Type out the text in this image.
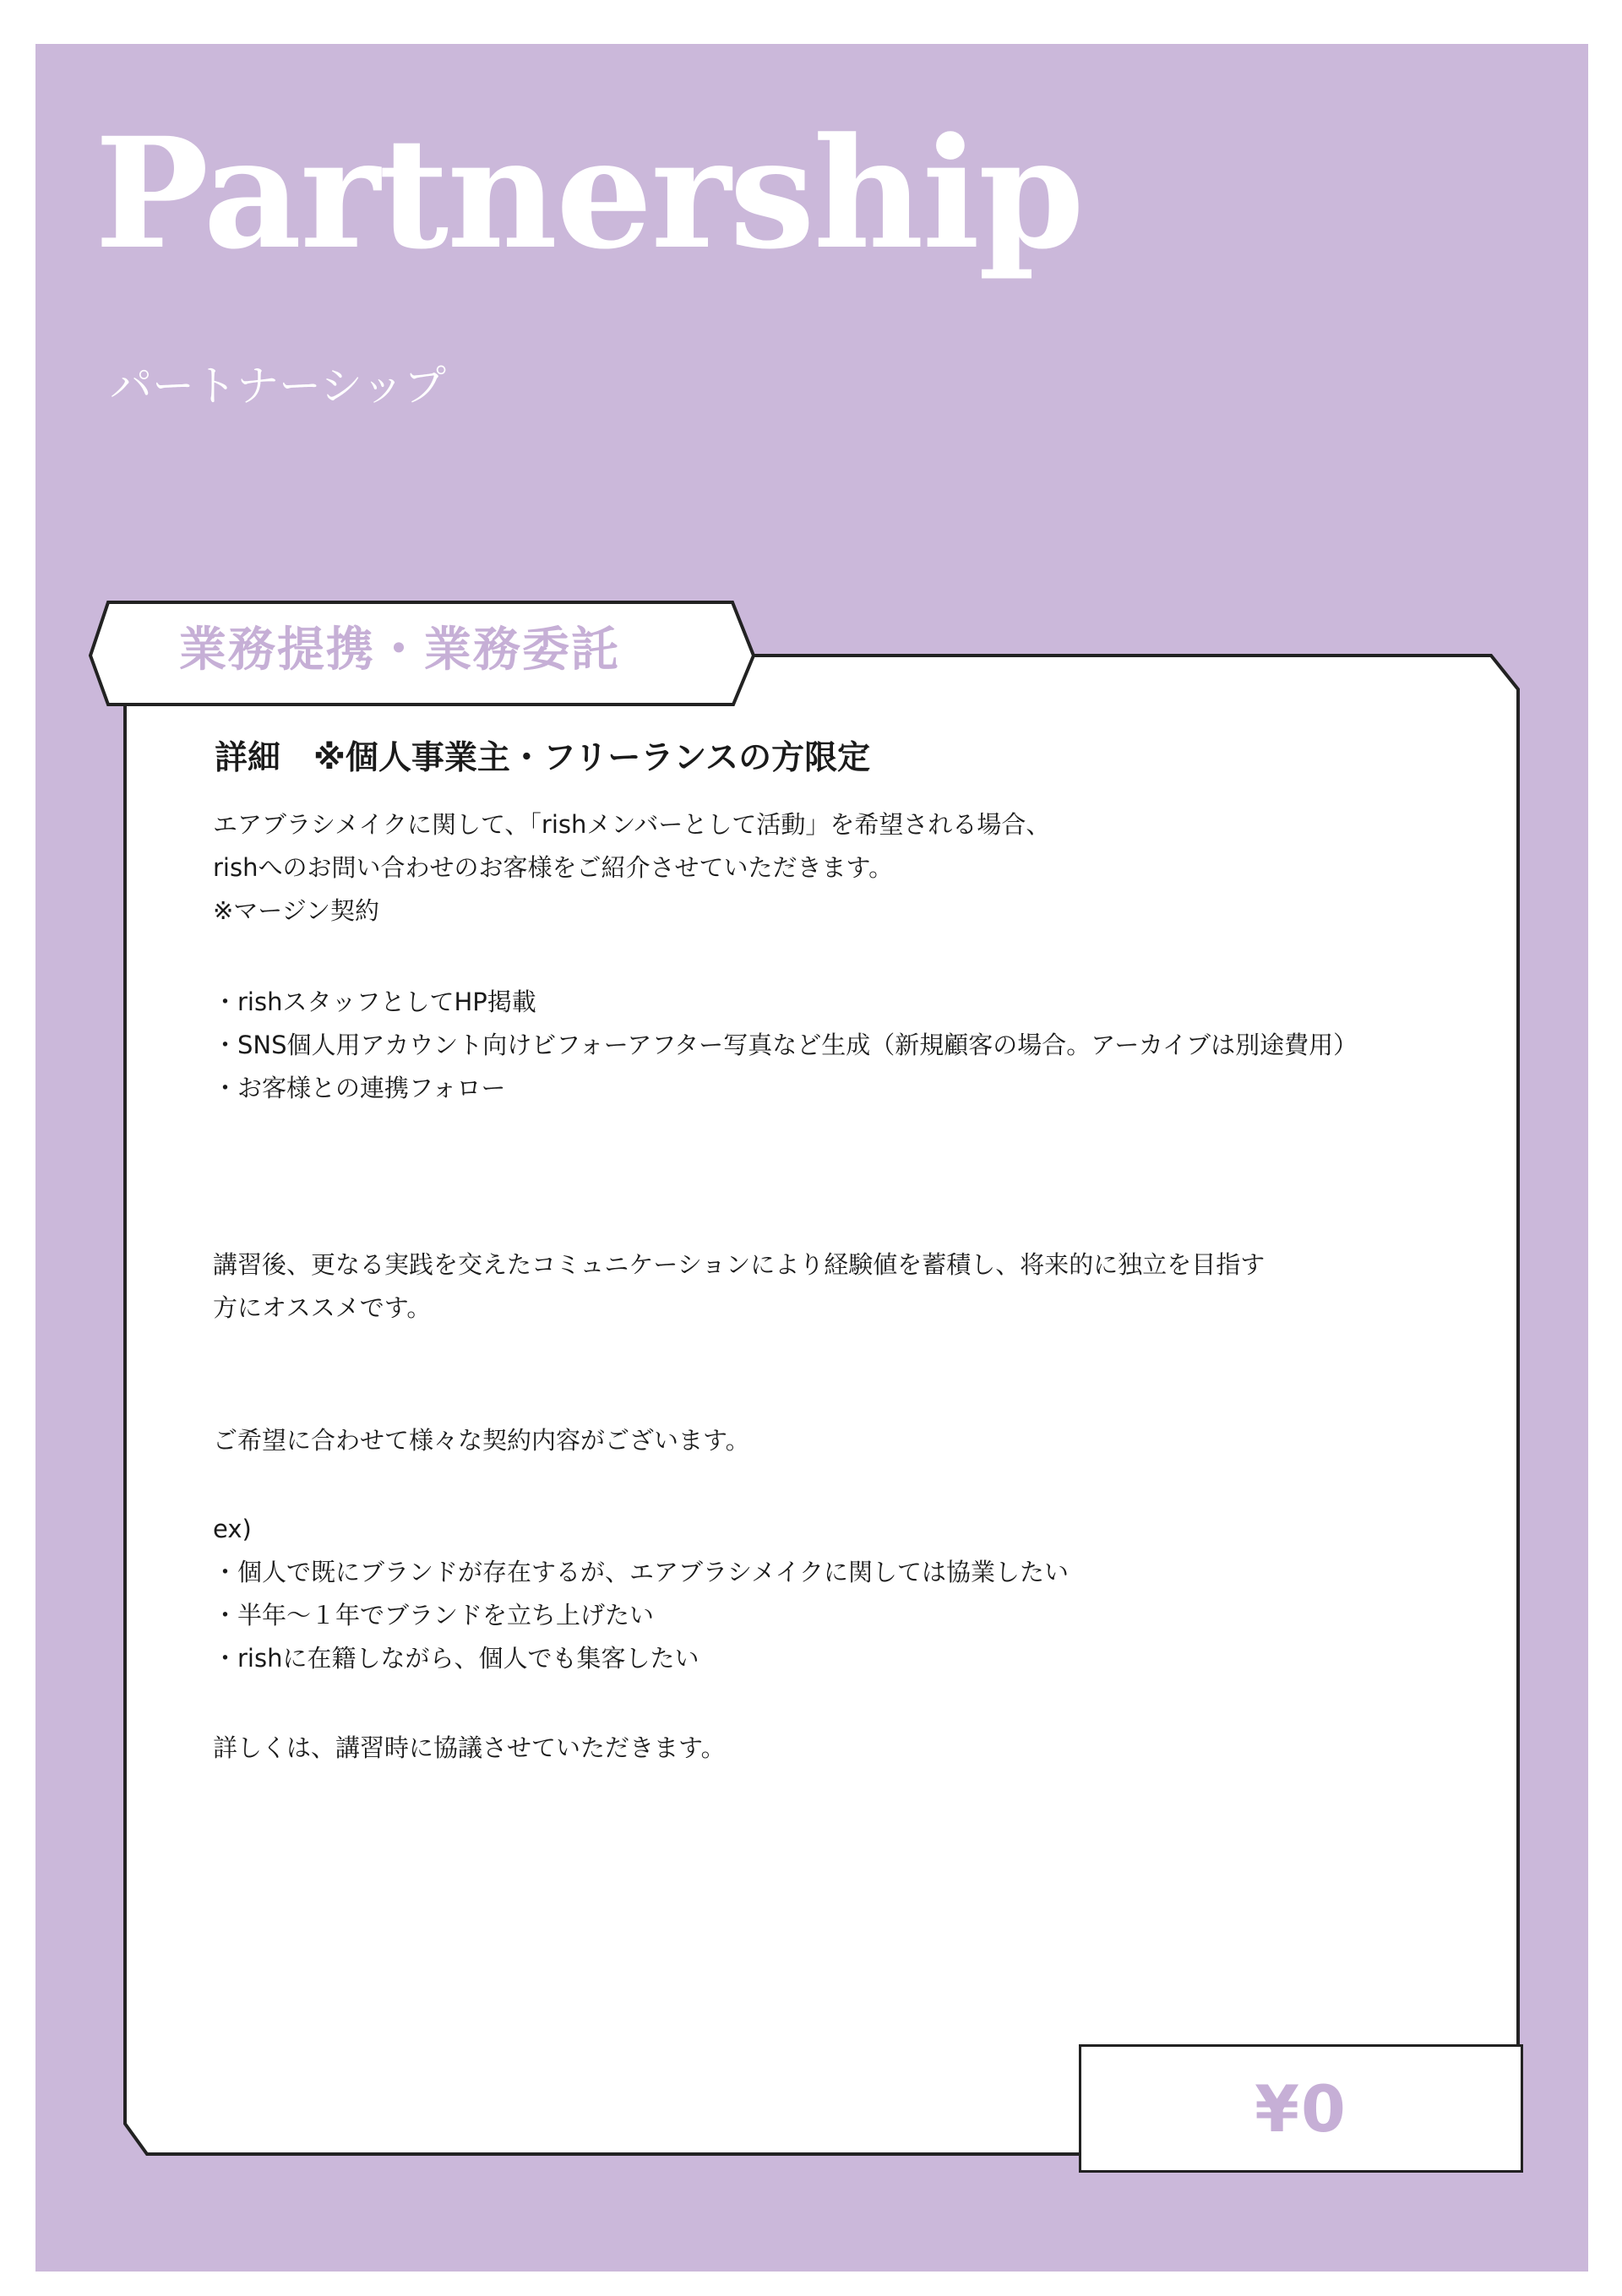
Partnership

パートナーシップ

業務提携・業務委託
詳細　※個人事業主・フリーランスの方限定
エアブラシメイクに関して、「rishメンバーとして活動」を希望される場合、
rishへのお問い合わせのお客様をご紹介させていただきます。
※マージン契約
・rishスタッフとしてHP掲載
・SNS個人用アカウント向けビフォーアフター写真など生成（新規顧客の場合。アーカイブは別途費用）
・お客様との連携フォロー
講習後、更なる実践を交えたコミュニケーションにより経験値を蓄積し、将来的に独立を目指す
方にオススメです。
ご希望に合わせて様々な契約内容がございます。
ex)
・個人で既にブランドが存在するが、エアブラシメイクに関しては協業したい
・半年～１年でブランドを立ち上げたい
・rishに在籍しながら、個人でも集客したい
詳しくは、講習時に協議させていただきます。
¥0
